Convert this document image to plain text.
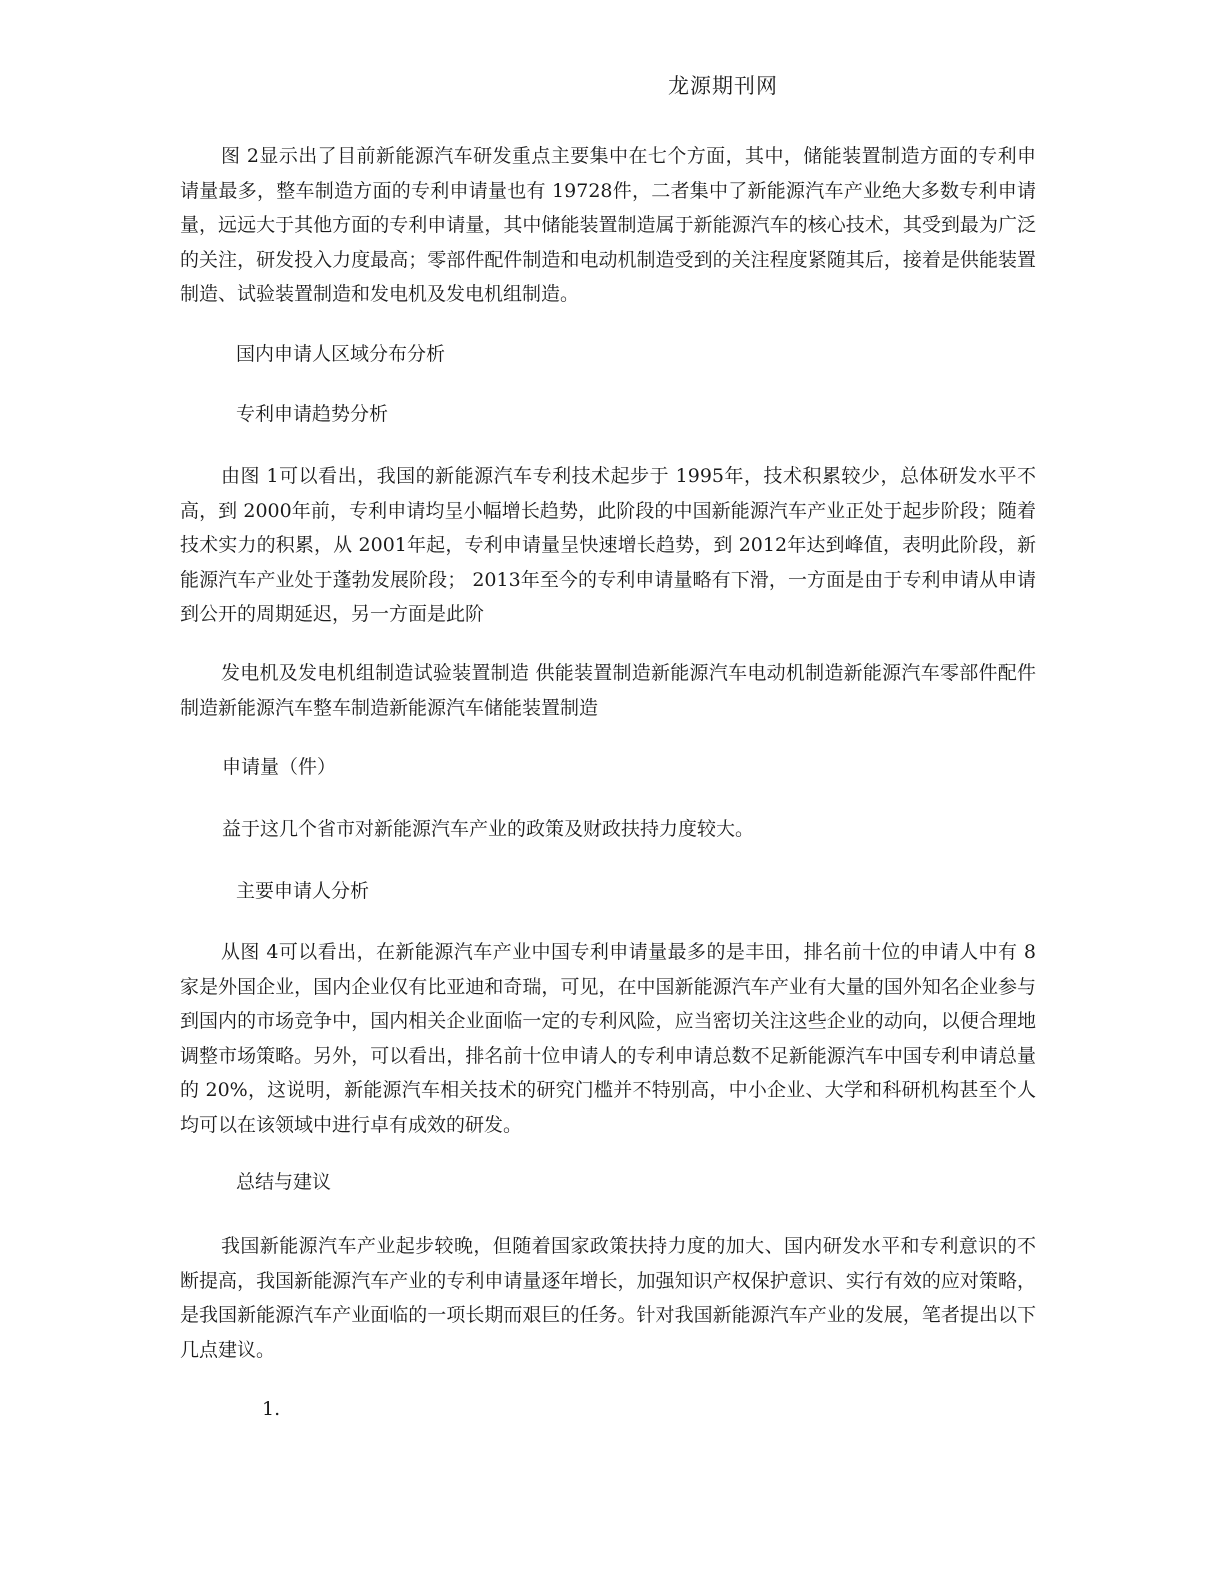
龙源期刊网

图 2显示出了目前新能源汽车研发重点主要集中在七个方面，其中，储能装置制造方面的专利申请量最多，整车制造方面的专利申请量也有 19728件，二者集中了新能源汽车产业绝大多数专利申请量，远远大于其他方面的专利申请量，其中储能装置制造属于新能源汽车的核心技术，其受到最为广泛的关注，研发投入力度最高；零部件配件制造和电动机制造受到的关注程度紧随其后，接着是供能装置制造、试验装置制造和发电机及发电机组制造。

国内申请人区域分布分析
专利申请趋势分析

由图 1可以看出，我国的新能源汽车专利技术起步于 1995年，技术积累较少，总体研发水平不高，到 2000年前，专利申请均呈小幅增长趋势，此阶段的中国新能源汽车产业正处于起步阶段；随着技术实力的积累，从 2001年起，专利申请量呈快速增长趋势，到 2012年达到峰值，表明此阶段，新能源汽车产业处于蓬勃发展阶段； 2013年至今的专利申请量略有下滑，一方面是由于专利申请从申请到公开的周期延迟，另一方面是此阶

发电机及发电机组制造试验装置制造 供能装置制造新能源汽车电动机制造新能源汽车零部件配件制造新能源汽车整车制造新能源汽车储能装置制造

申请量（件）
益于这几个省市对新能源汽车产业的政策及财政扶持力度较大。
主要申请人分析

从图 4可以看出，在新能源汽车产业中国专利申请量最多的是丰田，排名前十位的申请人中有 8家是外国企业，国内企业仅有比亚迪和奇瑞，可见，在中国新能源汽车产业有大量的国外知名企业参与到国内的市场竞争中，国内相关企业面临一定的专利风险，应当密切关注这些企业的动向，以便合理地调整市场策略。另外，可以看出，排名前十位申请人的专利申请总数不足新能源汽车中国专利申请总量的 20%，这说明，新能源汽车相关技术的研究门槛并不特别高，中小企业、大学和科研机构甚至个人均可以在该领域中进行卓有成效的研发。

总结与建议

我国新能源汽车产业起步较晚，但随着国家政策扶持力度的加大、国内研发水平和专利意识的不断提高，我国新能源汽车产业的专利申请量逐年增长，加强知识产权保护意识、实行有效的应对策略，是我国新能源汽车产业面临的一项长期而艰巨的任务。针对我国新能源汽车产业的发展，笔者提出以下几点建议。

1.
